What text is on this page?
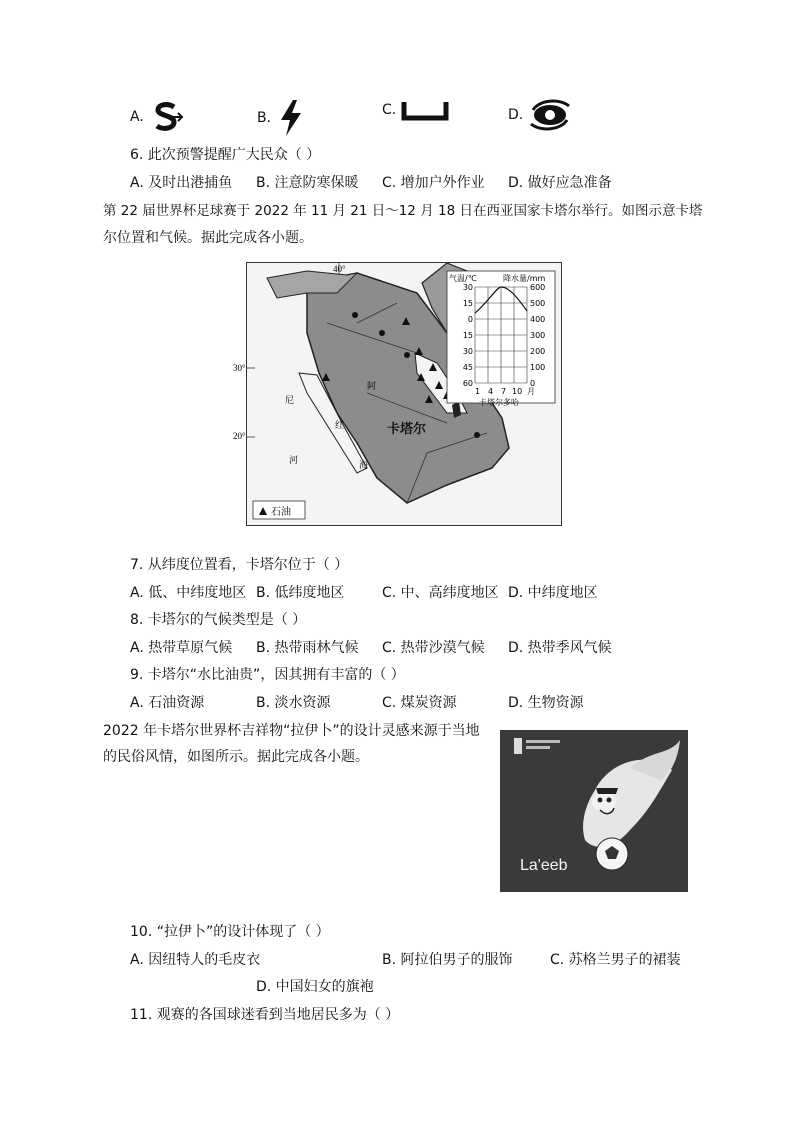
A.	B.	C.	D.
6. 此次预警提醒广大民众（ ）
A. 及时出港捕鱼 B. 注意防寒保暖 C. 增加户外作业 D. 做好应急准备
第 22 届世界杯足球赛于 2022 年 11 月 21 日～12 月 18 日在西亚国家卡塔尔举行。如图示意卡塔
尔位置和气候。据此完成各小题。
40°
30°
20°	卡塔尔
红
海
尼
河
阿
石油
气温/℃	降水量/mm
30
15
0
15
30
45
60
600
500
400
300
200
100
0
1 4 7 10 月
卡塔尔多哈
7. 从纬度位置看，卡塔尔位于（ ）
A. 低、中纬度地区 B. 低纬度地区	C. 中、高纬度地区 D. 中纬度地区
8. 卡塔尔的气候类型是（ ）
A. 热带草原气候 B. 热带雨林气候 C. 热带沙漠气候 D. 热带季风气候
9. 卡塔尔“水比油贵”，因其拥有丰富的（ ）
A. 石油资源	B. 淡水资源	C. 煤炭资源	D. 生物资源
2022 年卡塔尔世界杯吉祥物“拉伊卜”的设计灵感来源于当地
的民俗风情，如图所示。据此完成各小题。
La'eeb
10. “拉伊卜”的设计体现了（ ）
A. 因纽特人的毛皮衣	B. 阿拉伯男子的服饰	C. 苏格兰男子的裙装
D. 中国妇女的旗袍
11. 观赛的各国球迷看到当地居民多为（ ）
